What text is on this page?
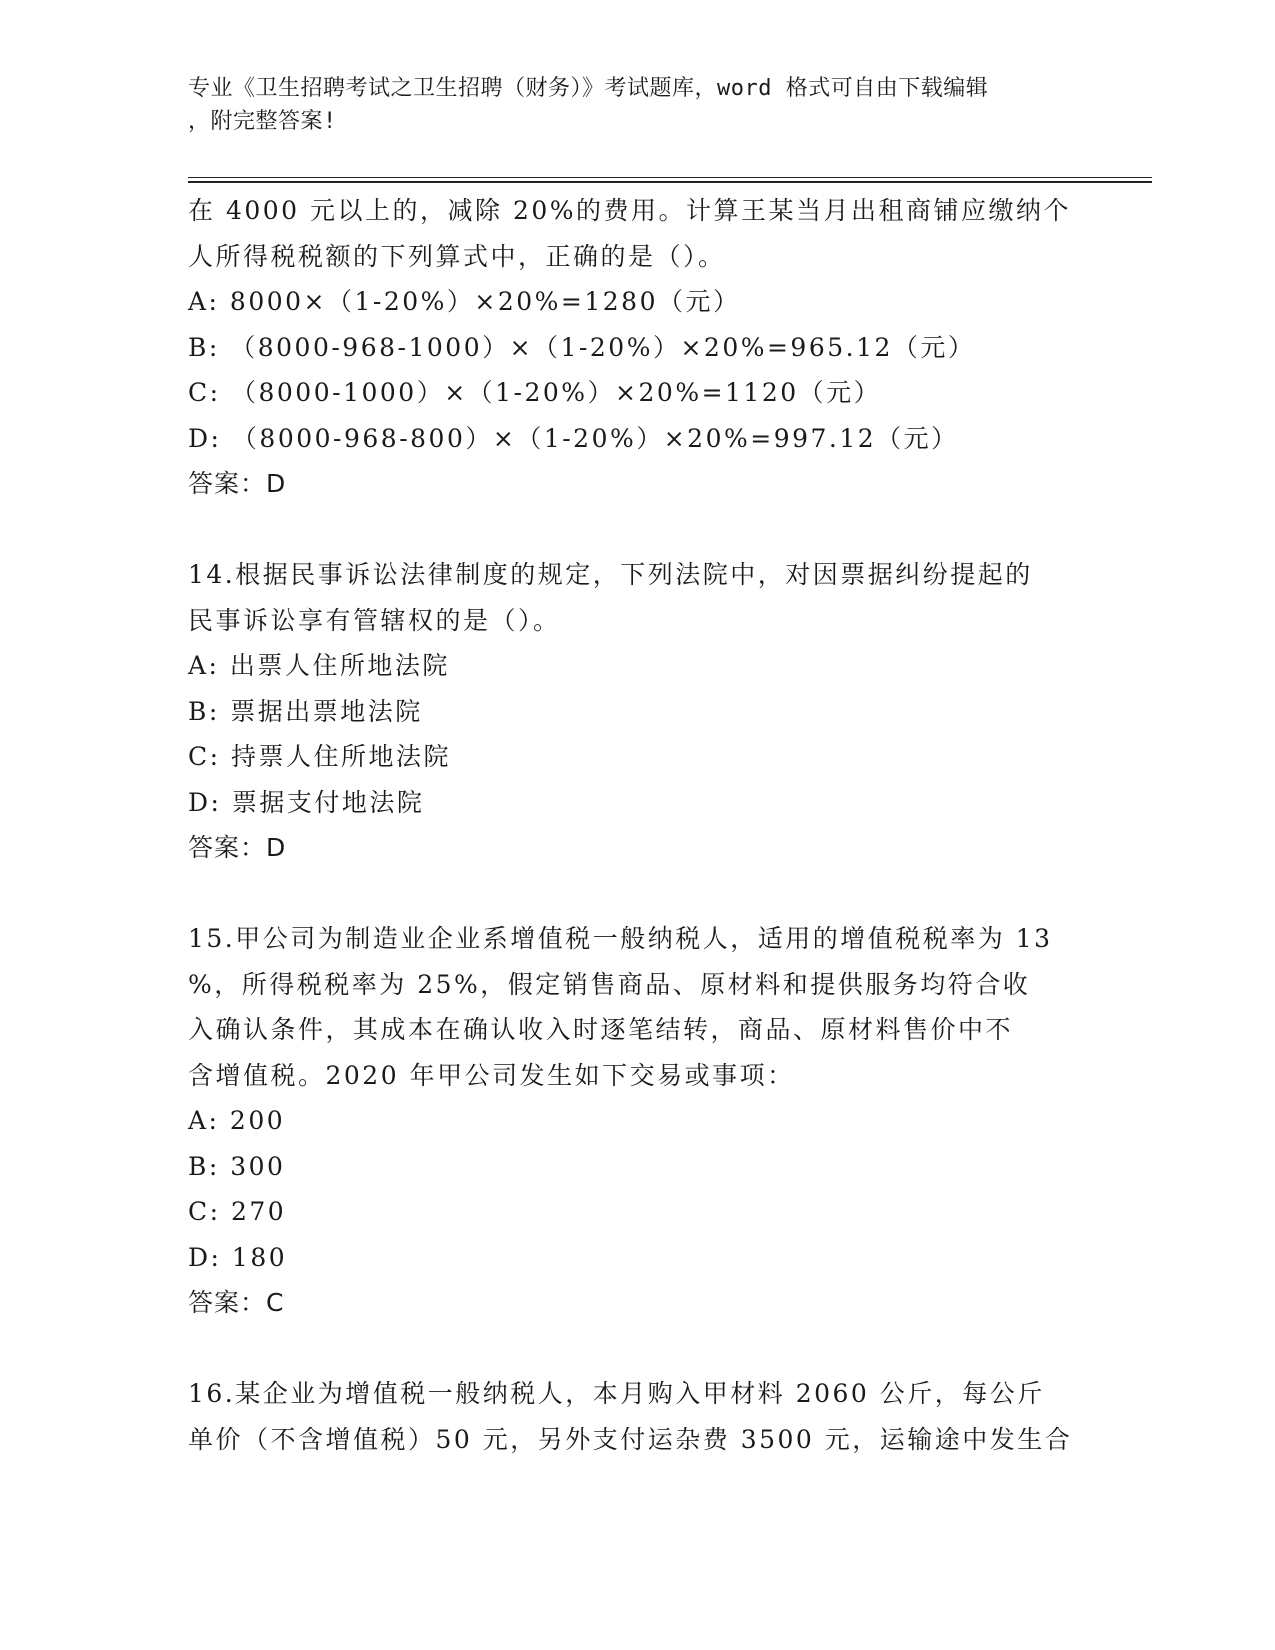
专业《卫生招聘考试之卫生招聘（财务）》考试题库，word 格式可自由下载编辑
，附完整答案!
在 4000 元以上的，减除 20%的费用。计算王某当月出租商铺应缴纳个
人所得税税额的下列算式中，正确的是（）。
A: 8000×（1-20%）×20%=1280（元）
B: （8000-968-1000）×（1-20%）×20%=965.12（元）
C: （8000-1000）×（1-20%）×20%=1120（元）
D: （8000-968-800）×（1-20%）×20%=997.12（元）
答案：D
14.根据民事诉讼法律制度的规定，下列法院中，对因票据纠纷提起的
民事诉讼享有管辖权的是（）。
A: 出票人住所地法院
B: 票据出票地法院
C: 持票人住所地法院
D: 票据支付地法院
答案：D
15.甲公司为制造业企业系增值税一般纳税人，适用的增值税税率为 13
%，所得税税率为 25%，假定销售商品、原材料和提供服务均符合收
入确认条件，其成本在确认收入时逐笔结转，商品、原材料售价中不
含增值税。2020 年甲公司发生如下交易或事项：
A: 200
B: 300
C: 270
D: 180
答案：C
16.某企业为增值税一般纳税人，本月购入甲材料 2060 公斤，每公斤
单价（不含增值税）50 元，另外支付运杂费 3500 元，运输途中发生合
